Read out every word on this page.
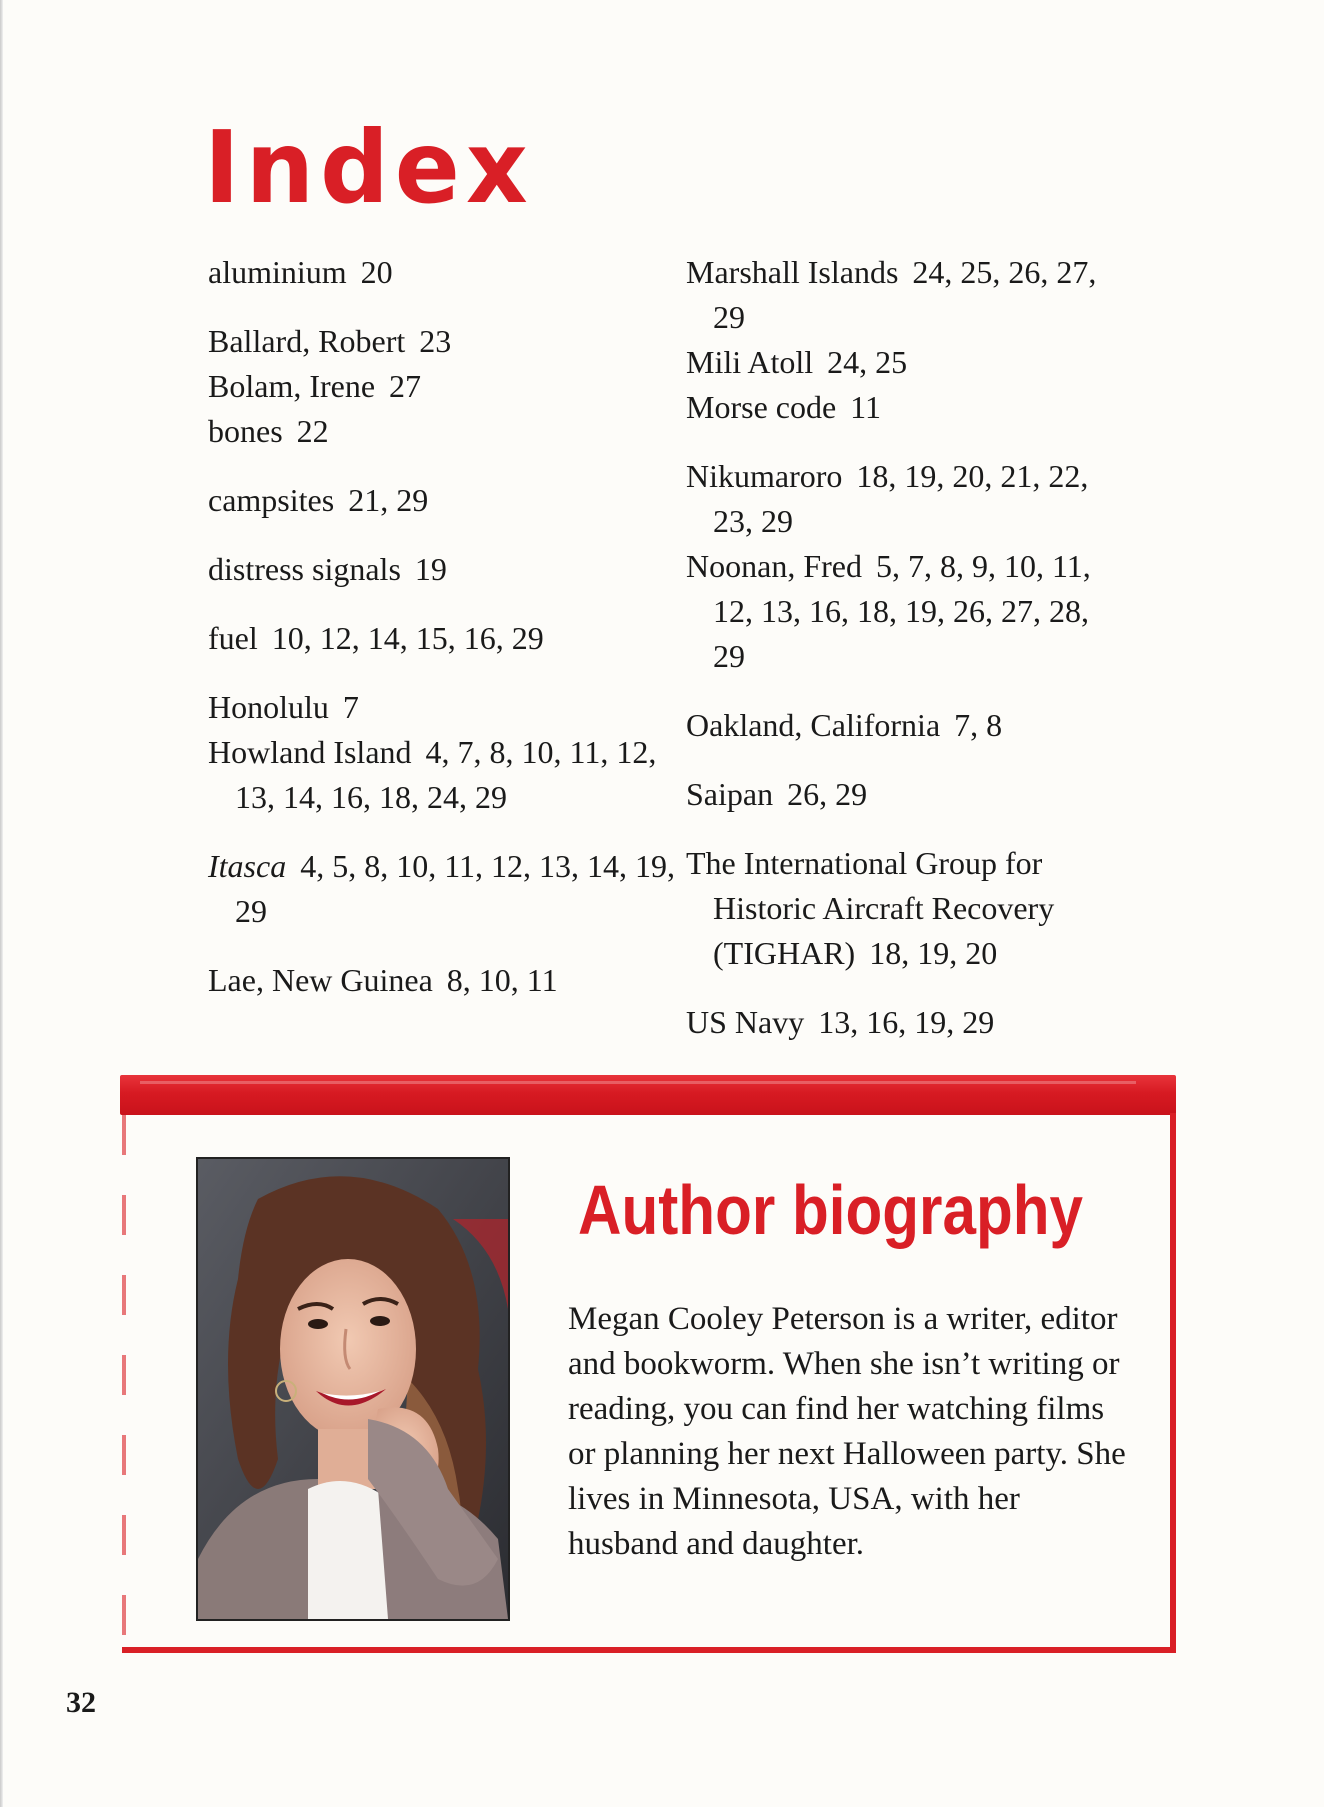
Index
aluminium 20
Ballard, Robert 23
Bolam, Irene 27
bones 22
campsites 21, 29
distress signals 19
fuel 10, 12, 14, 15, 16, 29
Honolulu 7
Howland Island 4, 7, 8, 10, 11, 12, 13, 14, 16, 18, 24, 29
Itasca 4, 5, 8, 10, 11, 12, 13, 14, 19, 29
Lae, New Guinea 8, 10, 11
Marshall Islands 24, 25, 26, 27, 29
Mili Atoll 24, 25
Morse code 11
Nikumaroro 18, 19, 20, 21, 22, 23, 29
Noonan, Fred 5, 7, 8, 9, 10, 11, 12, 13, 16, 18, 19, 26, 27, 28, 29
Oakland, California 7, 8
Saipan 26, 29
The International Group for Historic Aircraft Recovery (TIGHAR) 18, 19, 20
US Navy 13, 16, 19, 29
Author biography

Megan Cooley Peterson is a writer, editor and bookworm. When she isn’t writing or reading, you can find her watching films or planning her next Halloween party. She lives in Minnesota, USA, with her husband and daughter.

32
